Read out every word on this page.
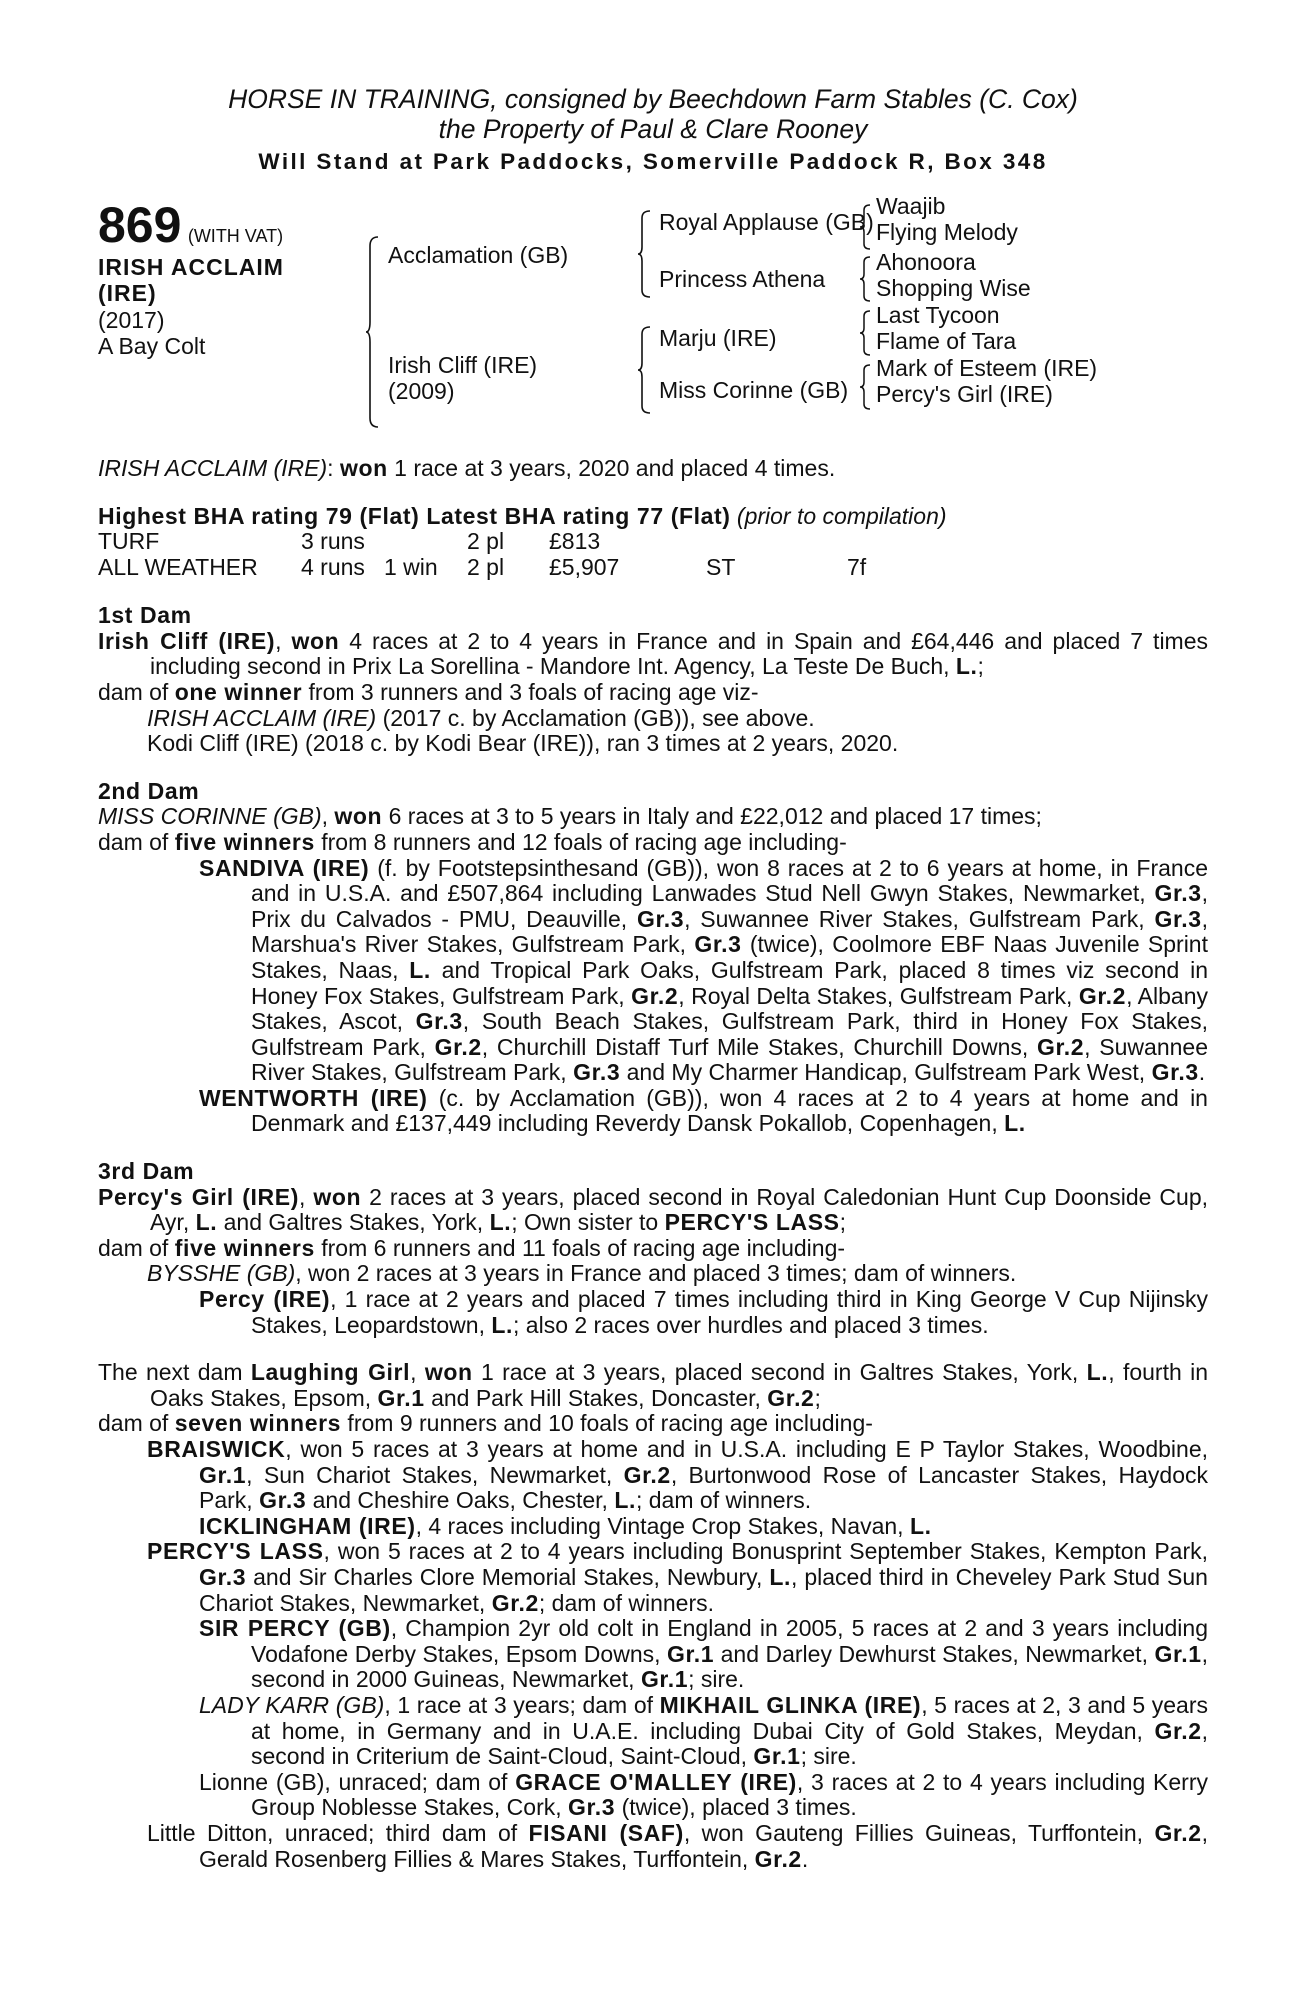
HORSE IN TRAINING, consigned by Beechdown Farm Stables (C. Cox)
the Property of Paul & Clare Rooney
Will Stand at Park Paddocks, Somerville Paddock R, Box 348
869 (WITH VAT)
IRISH ACCLAIM
(IRE)
(2017)
A Bay Colt
Acclamation (GB)
Irish Cliff (IRE)
(2009)
Royal Applause (GB)
Princess Athena
Marju (IRE)
Miss Corinne (GB)
Waajib
Flying Melody
Ahonoora
Shopping Wise
Last Tycoon
Flame of Tara
Mark of Esteem (IRE)
Percy's Girl (IRE)
IRISH ACCLAIM (IRE): won 1 race at 3 years, 2020 and placed 4 times.
Highest BHA rating 79 (Flat) Latest BHA rating 77 (Flat) (prior to compilation)
TURF	3 runs	2 pl £813
ALL WEATHER 4 runs 1 win 2 pl £5,907	ST	7f
1st Dam
Irish Cliff (IRE), won 4 races at 2 to 4 years in France and in Spain and £64,446 and placed 7 times including second in Prix La Sorellina - Mandore Int. Agency, La Teste De Buch, L.;
dam of one winner from 3 runners and 3 foals of racing age viz-
IRISH ACCLAIM (IRE) (2017 c. by Acclamation (GB)), see above.
Kodi Cliff (IRE) (2018 c. by Kodi Bear (IRE)), ran 3 times at 2 years, 2020.
2nd Dam
MISS CORINNE (GB), won 6 races at 3 to 5 years in Italy and £22,012 and placed 17 times;
dam of five winners from 8 runners and 12 foals of racing age including-
SANDIVA (IRE) (f. by Footstepsinthesand (GB)), won 8 races at 2 to 6 years at home, in France and in U.S.A. and £507,864 including Lanwades Stud Nell Gwyn Stakes, Newmarket, Gr.3, Prix du Calvados - PMU, Deauville, Gr.3, Suwannee River Stakes, Gulfstream Park, Gr.3, Marshua's River Stakes, Gulfstream Park, Gr.3 (twice), Coolmore EBF Naas Juvenile Sprint Stakes, Naas, L. and Tropical Park Oaks, Gulfstream Park, placed 8 times viz second in Honey Fox Stakes, Gulfstream Park, Gr.2, Royal Delta Stakes, Gulfstream Park, Gr.2, Albany Stakes, Ascot, Gr.3, South Beach Stakes, Gulfstream Park, third in Honey Fox Stakes, Gulfstream Park, Gr.2, Churchill Distaff Turf Mile Stakes, Churchill Downs, Gr.2, Suwannee River Stakes, Gulfstream Park, Gr.3 and My Charmer Handicap, Gulfstream Park West, Gr.3.
WENTWORTH (IRE) (c. by Acclamation (GB)), won 4 races at 2 to 4 years at home and in Denmark and £137,449 including Reverdy Dansk Pokallob, Copenhagen, L.
3rd Dam
Percy's Girl (IRE), won 2 races at 3 years, placed second in Royal Caledonian Hunt Cup Doonside Cup, Ayr, L. and Galtres Stakes, York, L.; Own sister to PERCY'S LASS;
dam of five winners from 6 runners and 11 foals of racing age including-
BYSSHE (GB), won 2 races at 3 years in France and placed 3 times; dam of winners.
Percy (IRE), 1 race at 2 years and placed 7 times including third in King George V Cup Nijinsky Stakes, Leopardstown, L.; also 2 races over hurdles and placed 3 times.
The next dam Laughing Girl, won 1 race at 3 years, placed second in Galtres Stakes, York, L., fourth in Oaks Stakes, Epsom, Gr.1 and Park Hill Stakes, Doncaster, Gr.2;
dam of seven winners from 9 runners and 10 foals of racing age including-
BRAISWICK, won 5 races at 3 years at home and in U.S.A. including E P Taylor Stakes, Woodbine, Gr.1, Sun Chariot Stakes, Newmarket, Gr.2, Burtonwood Rose of Lancaster Stakes, Haydock Park, Gr.3 and Cheshire Oaks, Chester, L.; dam of winners.
ICKLINGHAM (IRE), 4 races including Vintage Crop Stakes, Navan, L.
PERCY'S LASS, won 5 races at 2 to 4 years including Bonusprint September Stakes, Kempton Park, Gr.3 and Sir Charles Clore Memorial Stakes, Newbury, L., placed third in Cheveley Park Stud Sun Chariot Stakes, Newmarket, Gr.2; dam of winners.
SIR PERCY (GB), Champion 2yr old colt in England in 2005, 5 races at 2 and 3 years including Vodafone Derby Stakes, Epsom Downs, Gr.1 and Darley Dewhurst Stakes, Newmarket, Gr.1, second in 2000 Guineas, Newmarket, Gr.1; sire.
LADY KARR (GB), 1 race at 3 years; dam of MIKHAIL GLINKA (IRE), 5 races at 2, 3 and 5 years at home, in Germany and in U.A.E. including Dubai City of Gold Stakes, Meydan, Gr.2, second in Criterium de Saint-Cloud, Saint-Cloud, Gr.1; sire.
Lionne (GB), unraced; dam of GRACE O'MALLEY (IRE), 3 races at 2 to 4 years including Kerry Group Noblesse Stakes, Cork, Gr.3 (twice), placed 3 times.
Little Ditton, unraced; third dam of FISANI (SAF), won Gauteng Fillies Guineas, Turffontein, Gr.2, Gerald Rosenberg Fillies & Mares Stakes, Turffontein, Gr.2.
